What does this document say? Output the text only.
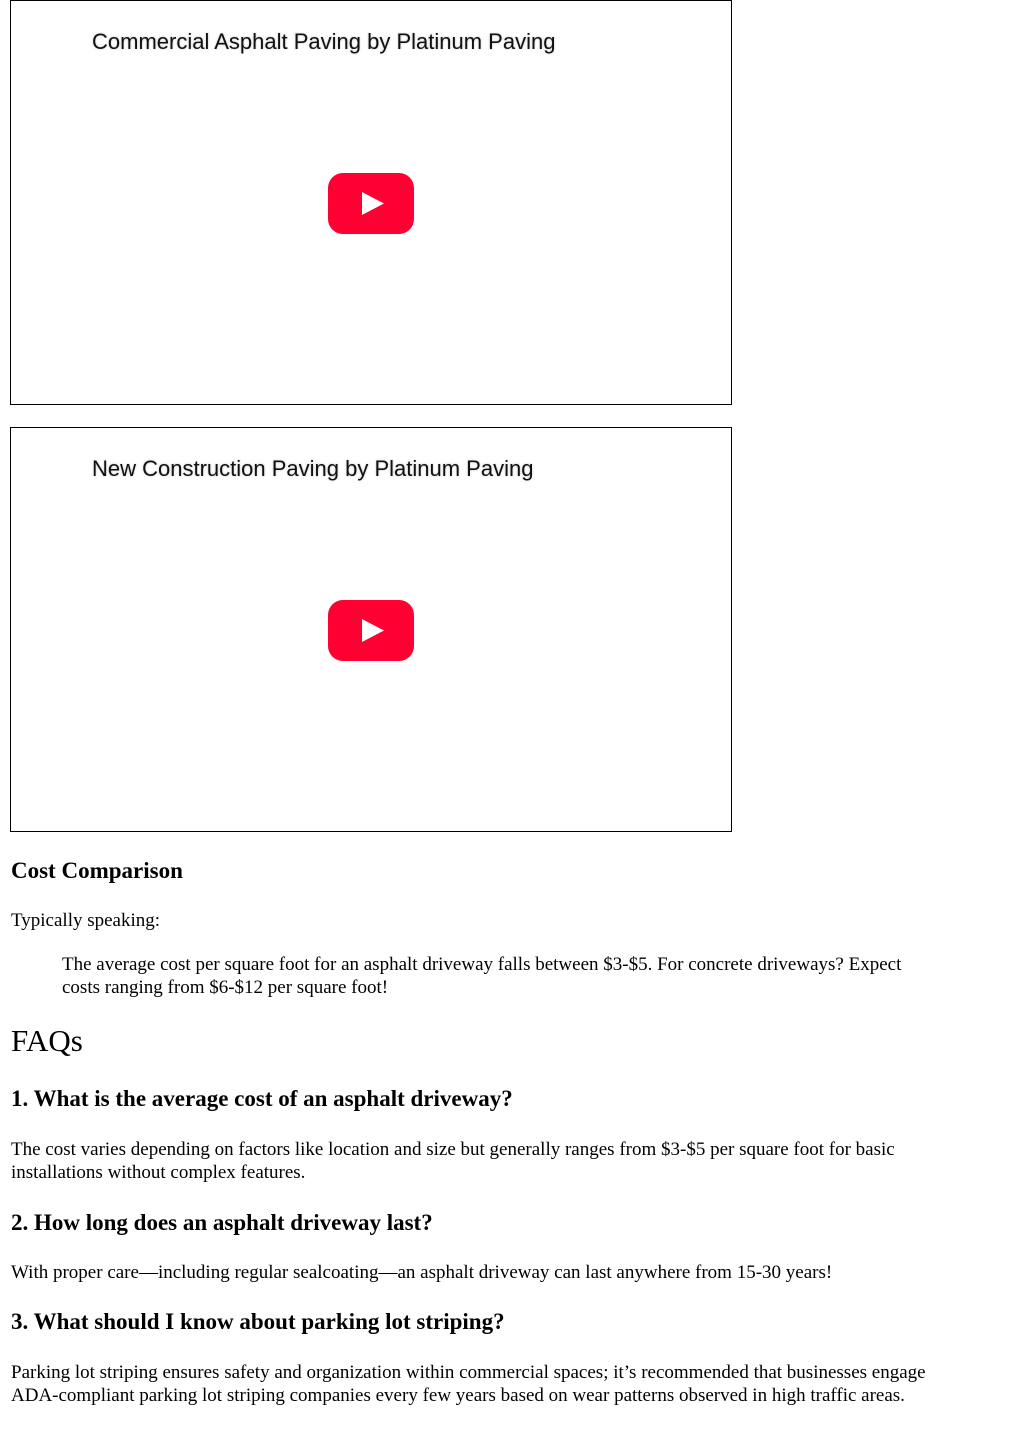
Commercial Asphalt Paving by Platinum Paving
New Construction Paving by Platinum Paving
Cost Comparison

Typically speaking:

The average cost per square foot for an asphalt driveway falls between $3-$5. For concrete driveways? Expect
costs ranging from $6-$12 per square foot!
FAQs
1. What is the average cost of an asphalt driveway?
The cost varies depending on factors like location and size but generally ranges from $3-$5 per square foot for basic
installations without complex features.
2. How long does an asphalt driveway last?
With proper care—including regular sealcoating—an asphalt driveway can last anywhere from 15-30 years!
3. What should I know about parking lot striping?
Parking lot striping ensures safety and organization within commercial spaces; it’s recommended that businesses engage
ADA-compliant parking lot striping companies every few years based on wear patterns observed in high traffic areas.
